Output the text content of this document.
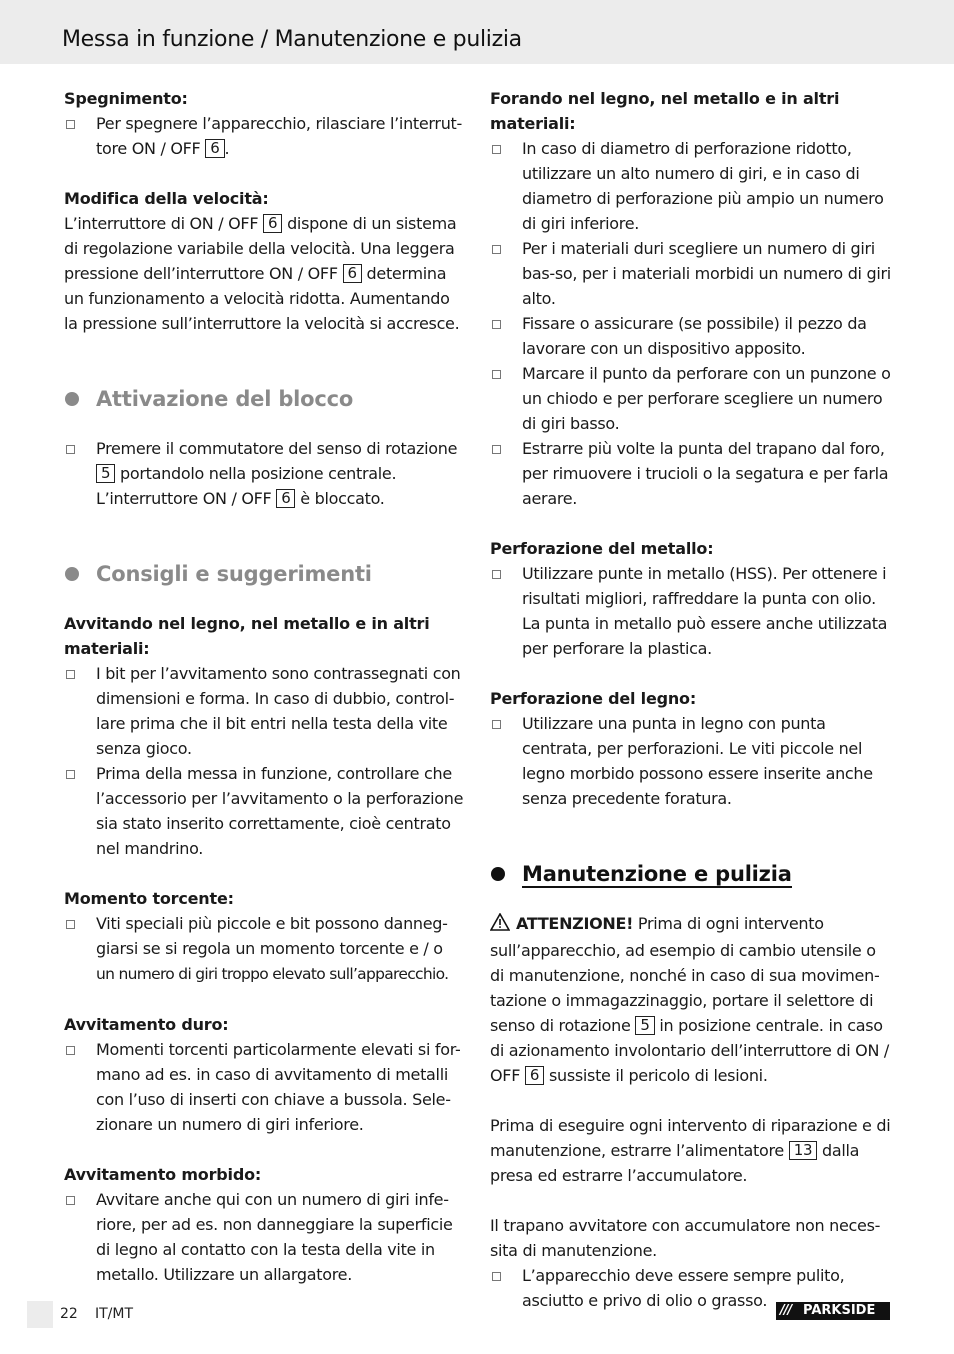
Messa in funzione / Manutenzione e pulizia
Spegnimento:
Per spegnere l’apparecchio, rilasciare l’interrut-
tore ON / OFF 6 .
Modifica della velocità:

L’interruttore di ON / OFF 6 dispone di un sistema di regolazione variabile della velocità. Una leggera pressione dell’interruttore ON / OFF 6 determina un funzionamento a velocità ridotta. Aumentando la pressione sull’interruttore la velocità si accresce.

Attivazione del blocco
Premere il commutatore del senso di rotazione 5 portandolo nella posizione centrale. L’interruttore ON / OFF 6 è bloccato.
Consigli e suggerimenti
Avvitando nel legno, nel metallo e in altri materiali:
I bit per l’avvitamento sono contrassegnati con dimensioni e forma. In caso di dubbio, control-lare prima che il bit entri nella testa della vite senza gioco.
Prima della messa in funzione, controllare che l’accessorio per l’avvitamento o la perforazione sia stato inserito correttamente, cioè centrato nel mandrino.
Momento torcente:
Viti speciali più piccole e bit possono danneg-giarsi se si regola un momento torcente e / o
un numero di giri troppo elevato sull’apparecchio.
Avvitamento duro:
Momenti torcenti particolarmente elevati si for-mano ad es. in caso di avvitamento di metalli con l’uso di inserti con chiave a bussola. Sele-zionare un numero di giri inferiore.
Avvitamento morbido:
Avvitare anche qui con un numero di giri infe-riore, per ad es. non danneggiare la superficie di legno al contatto con la testa della vite in metallo. Utilizzare un allargatore.
Forando nel legno, nel metallo e in altri materiali:
In caso di diametro di perforazione ridotto, utilizzare un alto numero di giri, e in caso di diametro di perforazione più ampio un numero di giri inferiore.
Per i materiali duri scegliere un numero di giri bas-so, per i materiali morbidi un numero di giri alto.
Fissare o assicurare (se possibile) il pezzo da lavorare con un dispositivo apposito.
Marcare il punto da perforare con un punzone o un chiodo e per perforare scegliere un numero di giri basso.
Estrarre più volte la punta del trapano dal foro, per rimuovere i trucioli o la segatura e per farla aerare.
Perforazione del metallo:
Utilizzare punte in metallo (HSS). Per ottenere i risultati migliori, raffreddare la punta con olio. La punta in metallo può essere anche utilizzata per perforare la plastica.
Perforazione del legno:
Utilizzare una punta in legno con punta centrata, per perforazioni. Le viti piccole nel legno morbido possono essere inserite anche senza precedente foratura.
Manutenzione e pulizia

ATTENZIONE! Prima di ogni intervento sull’apparecchio, ad esempio di cambio utensile o di manutenzione, nonché in caso di sua movimen-tazione o immagazzinaggio, portare il selettore di senso di rotazione 5 in posizione centrale. in caso di azionamento involontario dell’interruttore di ON / OFF 6 sussiste il pericolo di lesioni.

Prima di eseguire ogni intervento di riparazione e di manutenzione, estrarre l’alimentatore 13 dalla presa ed estrarre l’accumulatore.

Il trapano avvitatore con accumulatore non neces-sita di manutenzione.

L’apparecchio deve essere sempre pulito, asciutto e privo di olio o grasso.
22 IT/MT	/// PARKSIDE
